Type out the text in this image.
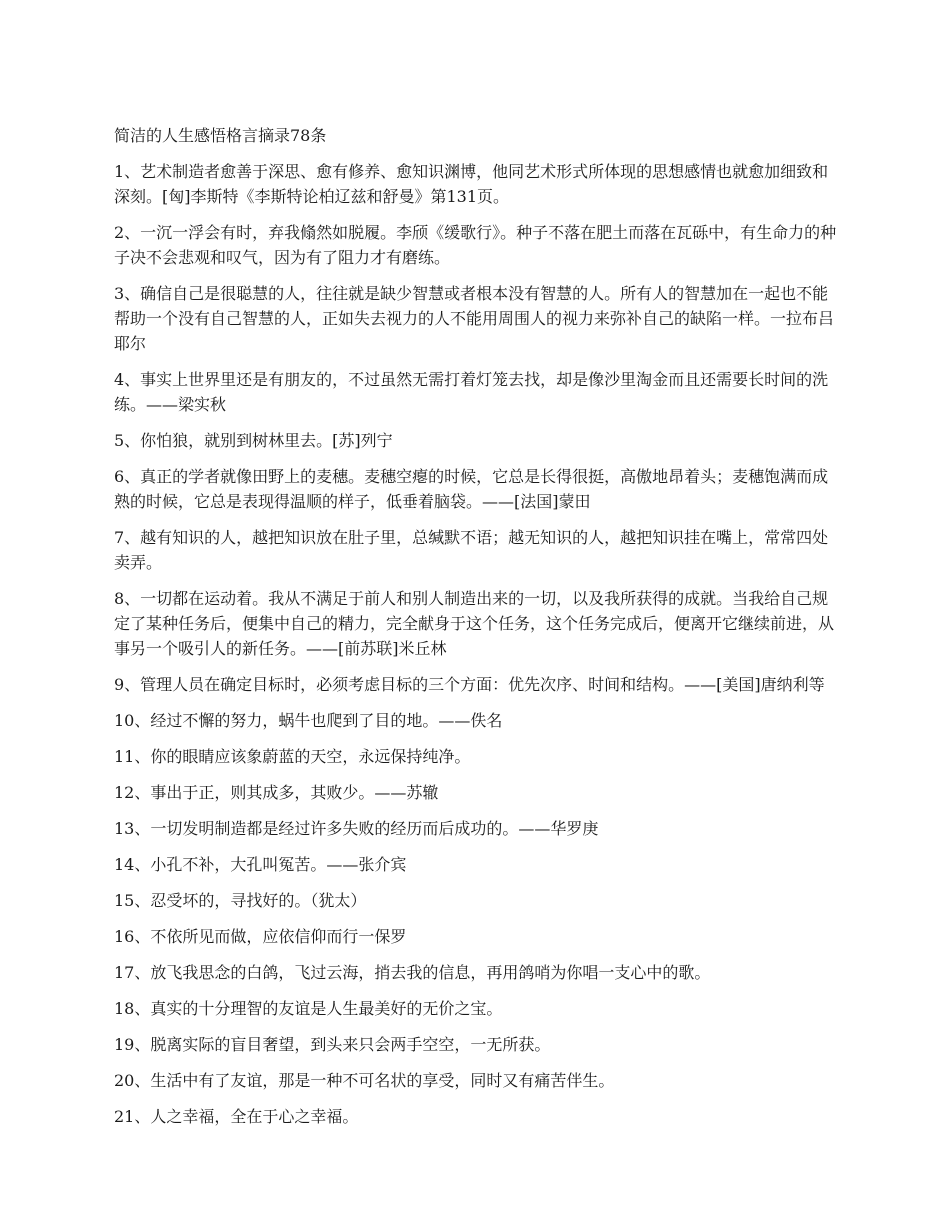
简洁的人生感悟格言摘录78条

1、艺术制造者愈善于深思、愈有修养、愈知识渊博，他同艺术形式所体现的思想感情也就愈加细致和深刻。[匈]李斯特《李斯特论柏辽兹和舒曼》第131页。

2、一沉一浮会有时，弃我翛然如脱履。李颀《缓歌行》。种子不落在肥土而落在瓦砾中，有生命力的种子决不会悲观和叹气，因为有了阻力才有磨练。

3、确信自己是很聪慧的人，往往就是缺少智慧或者根本没有智慧的人。所有人的智慧加在一起也不能帮助一个没有自己智慧的人，正如失去视力的人不能用周围人的视力来弥补自己的缺陷一样。一拉布吕耶尔

4、事实上世界里还是有朋友的，不过虽然无需打着灯笼去找，却是像沙里淘金而且还需要长时间的洗练。——梁实秋

5、你怕狼，就别到树林里去。[苏]列宁

6、真正的学者就像田野上的麦穗。麦穗空瘪的时候，它总是长得很挺，高傲地昂着头；麦穗饱满而成熟的时候，它总是表现得温顺的样子，低垂着脑袋。——[法国]蒙田

7、越有知识的人，越把知识放在肚子里，总缄默不语；越无知识的人，越把知识挂在嘴上，常常四处卖弄。

8、一切都在运动着。我从不满足于前人和别人制造出来的一切，以及我所获得的成就。当我给自己规定了某种任务后，便集中自己的精力，完全献身于这个任务，这个任务完成后，便离开它继续前进，从事另一个吸引人的新任务。——[前苏联]米丘林

9、管理人员在确定目标时，必须考虑目标的三个方面：优先次序、时间和结构。——[美国]唐纳利等

10、经过不懈的努力，蜗牛也爬到了目的地。——佚名

11、你的眼睛应该象蔚蓝的天空，永远保持纯净。

12、事出于正，则其成多，其败少。——苏辙

13、一切发明制造都是经过许多失败的经历而后成功的。——华罗庚

14、小孔不补，大孔叫冤苦。——张介宾

15、忍受坏的，寻找好的。（犹太）

16、不依所见而做，应依信仰而行一保罗

17、放飞我思念的白鸽，飞过云海，捎去我的信息，再用鸽哨为你唱一支心中的歌。

18、真实的十分理智的友谊是人生最美好的无价之宝。

19、脱离实际的盲目奢望，到头来只会两手空空，一无所获。

20、生活中有了友谊，那是一种不可名状的享受，同时又有痛苦伴生。

21、人之幸福，全在于心之幸福。
